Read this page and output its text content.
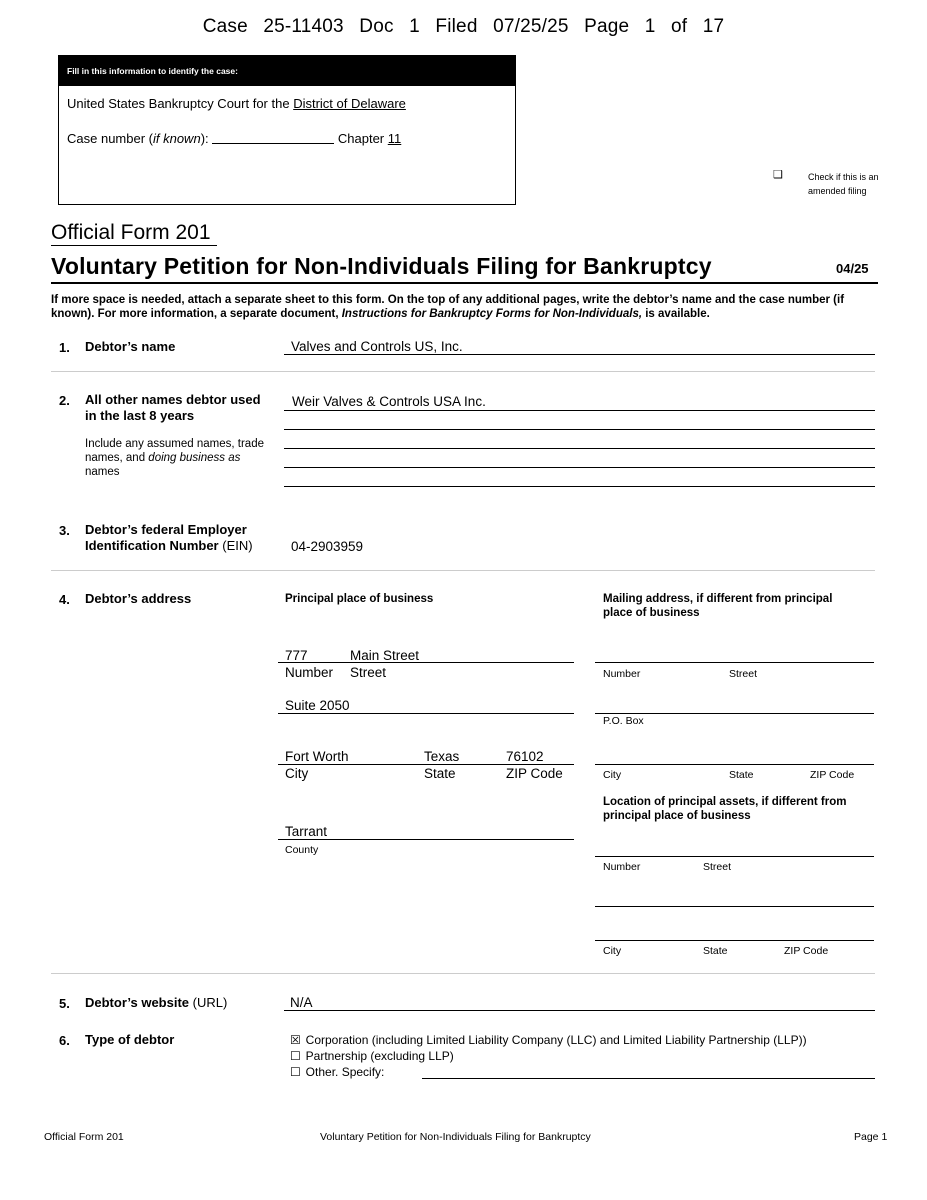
Case 25-11403 Doc 1 Filed 07/25/25 Page 1 of 17
Fill in this information to identify the case:
United States Bankruptcy Court for the District of Delaware
Case number (if known):	Chapter 11
❑	Check if this is an
amended filing
Official Form 201
Voluntary Petition for Non-Individuals Filing for Bankruptcy	04/25
If more space is needed, attach a separate sheet to this form. On the top of any additional pages, write the debtor’s name and the case number (if known). For more information, a separate document, Instructions for Bankruptcy Forms for Non-Individuals, is available.
1. Debtor’s name	Valves and Controls US, Inc.
2. All other names debtor used
in the last 8 years
Include any assumed names, trade
names, and doing business as
names
Weir Valves & Controls USA Inc.
3. Debtor’s federal Employer
Identification Number (EIN)	04-2903959
4. Debtor’s address	Principal place of business	Mailing address, if different from principal place of business
777	Main Street
Number Street
Suite 2050
Fort Worth	Texas	76102
City	State	ZIP Code
Tarrant
County
Number	Street
P.O. Box
City	State	ZIP Code
Location of principal assets, if different from principal place of business
Number	Street
City	State	ZIP Code
5. Debtor’s website (URL)	N/A
6. Type of debtor	☒ Corporation (including Limited Liability Company (LLC) and Limited Liability Partnership (LLP))
☐ Partnership (excluding LLP)
☐ Other. Specify:
Official Form 201	Voluntary Petition for Non-Individuals Filing for Bankruptcy	Page 1
